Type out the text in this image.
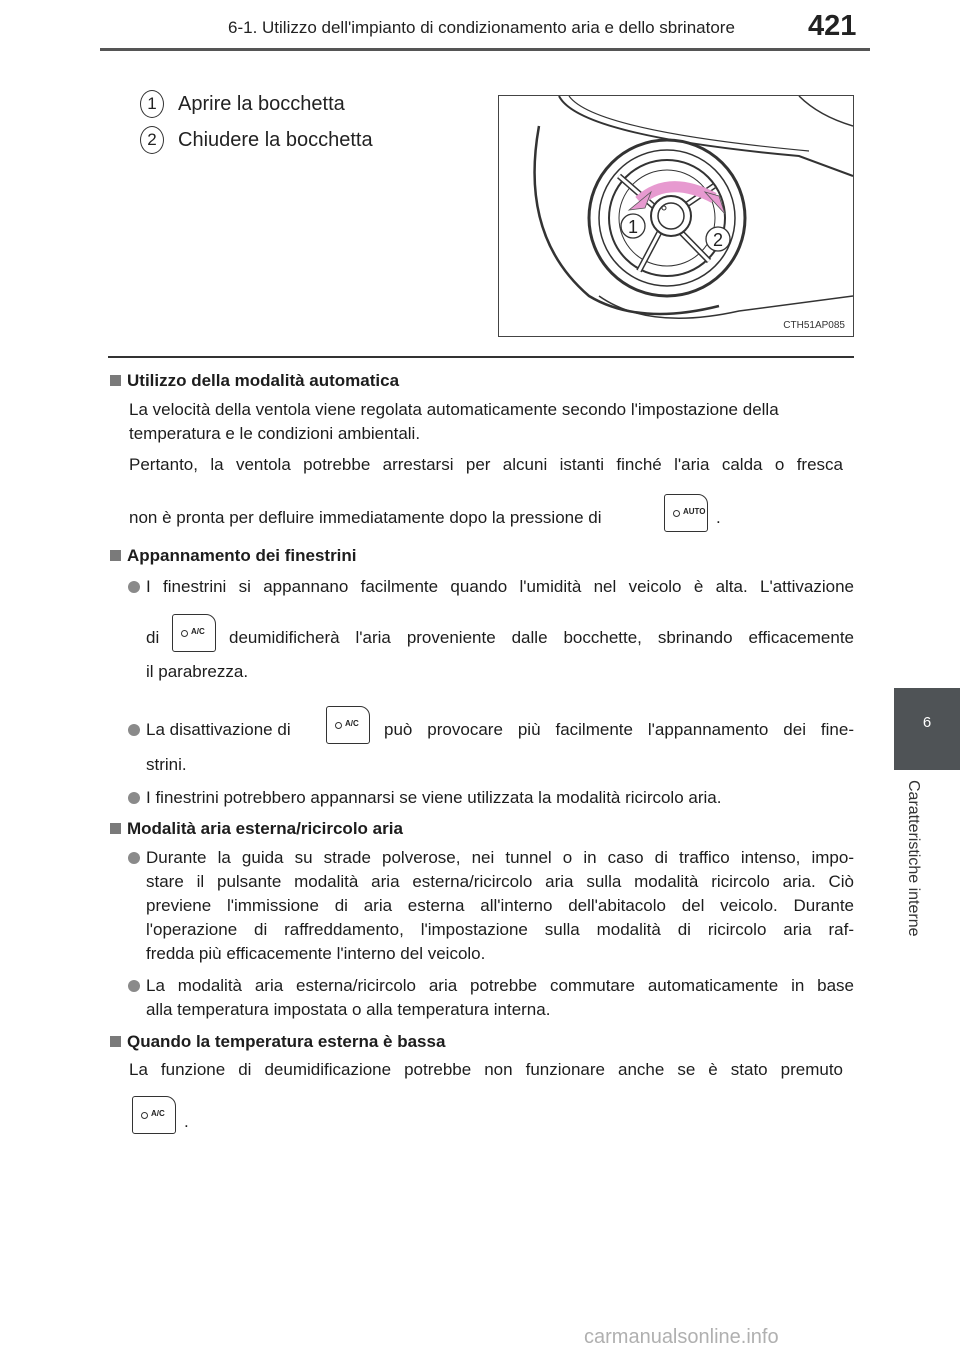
6-1. Utilizzo dell'impianto di condizionamento aria e dello sbrinatore	421
6
Caratteristiche interne
1	Aprire la bocchetta
2	Chiudere la bocchetta
1
2
CTH51AP085
Utilizzo della modalità automatica
La velocità della ventola viene regolata automaticamente secondo l'impostazione della
temperatura e le condizioni ambientali.
Pertanto, la ventola potrebbe arrestarsi per alcuni istanti finché l'aria calda o fresca
non è pronta per defluire immediatamente dopo la pressione di	AUTO .
Appannamento dei finestrini
I finestrini si appannano facilmente quando l'umidità nel veicolo è alta. L'attivazione
di	A/C deumidificherà l'aria proveniente dalle bocchette, sbrinando efficacemente
il parabrezza.
La disattivazione di	A/C può provocare più facilmente l'appannamento dei fine-
strini.
I finestrini potrebbero appannarsi se viene utilizzata la modalità ricircolo aria.
Modalità aria esterna/ricircolo aria
Durante la guida su strade polverose, nei tunnel o in caso di traffico intenso, impo-
stare il pulsante modalità aria esterna/ricircolo aria sulla modalità ricircolo aria. Ciò
previene l'immissione di aria esterna all'interno dell'abitacolo del veicolo. Durante
l'operazione di raffreddamento, l'impostazione sulla modalità di ricircolo aria raf-
fredda più efficacemente l'interno del veicolo.
La modalità aria esterna/ricircolo aria potrebbe commutare automaticamente in base
alla temperatura impostata o alla temperatura interna.
Quando la temperatura esterna è bassa
La funzione di deumidificazione potrebbe non funzionare anche se è stato premuto
A/C .
carmanualsonline.info
